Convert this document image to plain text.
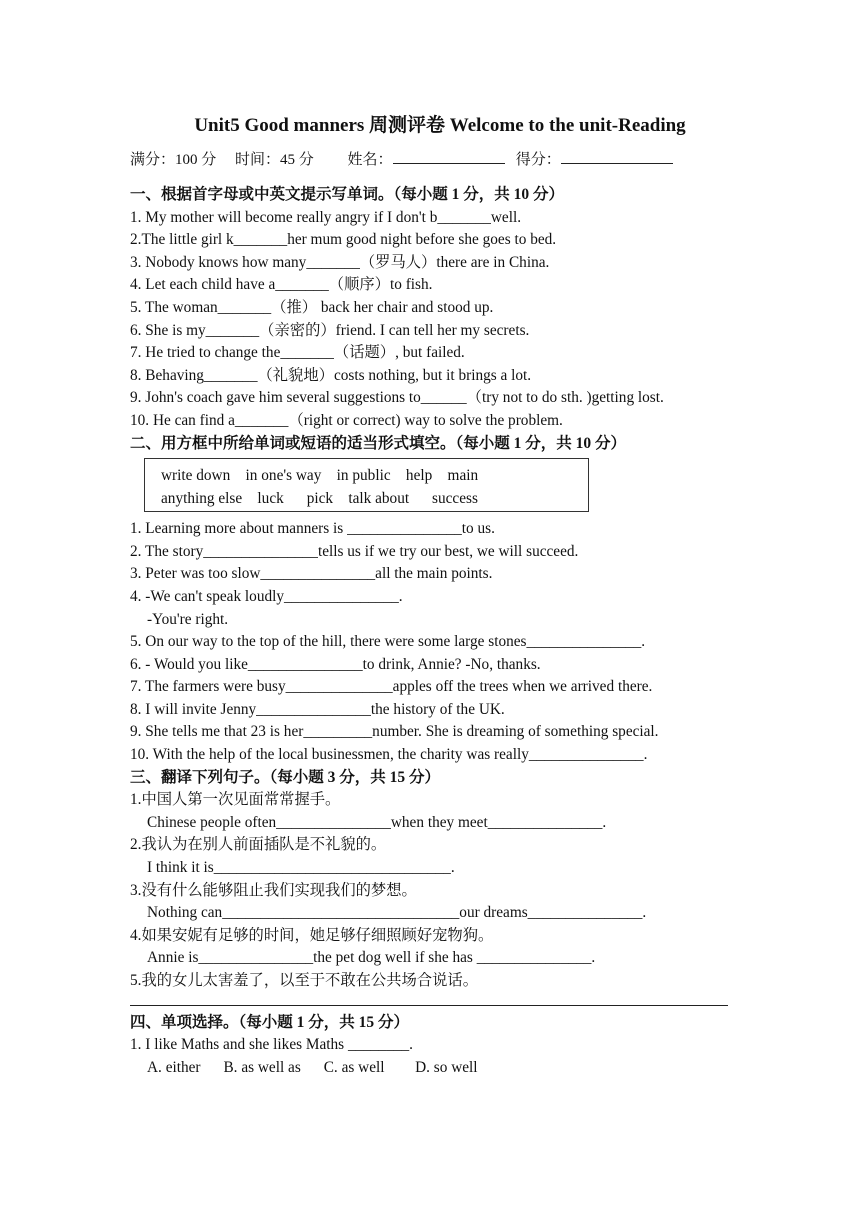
Unit5 Good manners 周测评卷 Welcome to the unit-Reading
满分：100 分 时间：45 分 姓名：	得分：
一、根据首字母或中英文提示写单词。（每小题 1 分，共 10 分）
1. My mother will become really angry if I don't b_______well.
2.The little girl k_______her mum good night before she goes to bed.
3. Nobody knows how many_______（罗马人）there are in China.
4. Let each child have a_______（顺序）to fish.
5. The woman_______（推） back her chair and stood up.
6. She is my_______（亲密的）friend. I can tell her my secrets.
7. He tried to change the_______（话题）, but failed.
8. Behaving_______（礼貌地）costs nothing, but it brings a lot.
9. John's coach gave him several suggestions to______（try not to do sth. )getting lost.
10. He can find a_______（right or correct) way to solve the problem.
二、用方框中所给单词或短语的适当形式填空。（每小题 1 分，共 10 分）
write down    in one's way    in public    help    main
anything else    luck      pick    talk about      success
1. Learning more about manners is _______________to us.
2. The story_______________tells us if we try our best, we will succeed.
3. Peter was too slow_______________all the main points.
4. -We can't speak loudly_______________.
-You're right.
5. On our way to the top of the hill, there were some large stones_______________.
6. - Would you like_______________to drink, Annie? -No, thanks.
7. The farmers were busy______________apples off the trees when we arrived there.
8. I will invite Jenny_______________the history of the UK.
9. She tells me that 23 is her_________number. She is dreaming of something special.
10. With the help of the local businessmen, the charity was really_______________.
三、翻译下列句子。（每小题 3 分，共 15 分）
1.中国人第一次见面常常握手。
Chinese people often_______________when they meet_______________.
2.我认为在别人前面插队是不礼貌的。
I think it is_______________________________.
3.没有什么能够阻止我们实现我们的梦想。
Nothing can_______________________________our dreams_______________.
4.如果安妮有足够的时间，她足够仔细照顾好宠物狗。
Annie is_______________the pet dog well if she has _______________.
5.我的女儿太害羞了，以至于不敢在公共场合说话。
四、单项选择。（每小题 1 分，共 15 分）
1. I like Maths and she likes Maths ________.
A. either      B. as well as      C. as well        D. so well
